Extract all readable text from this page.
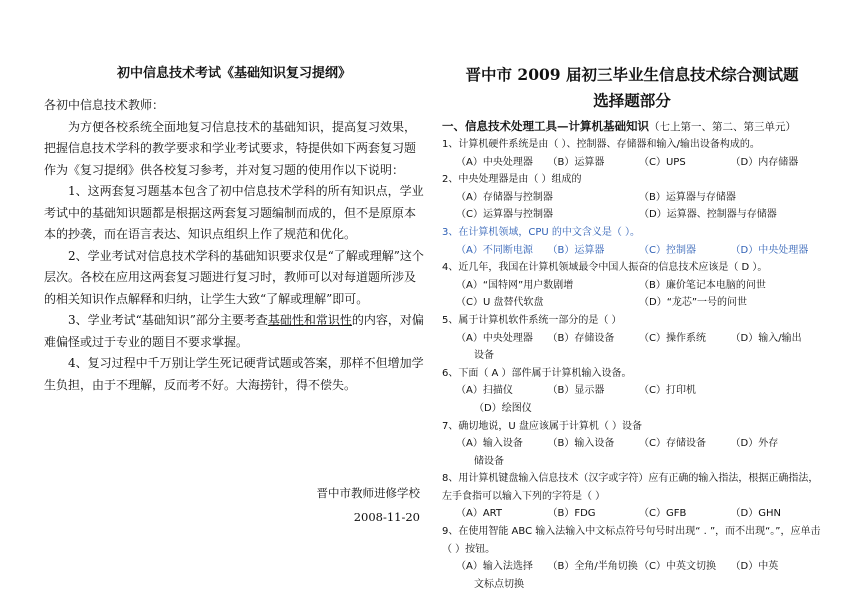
初中信息技术考试《基础知识复习提纲》

各初中信息技术教师：

为方便各校系统全面地复习信息技术的基础知识，提高复习效果，把握信息技术学科的教学要求和学业考试要求，特提供如下两套复习题作为《复习提纲》供各校复习参考，并对复习题的使用作以下说明：

1、这两套复习题基本包含了初中信息技术学科的所有知识点，学业考试中的基础知识题都是根据这两套复习题编制而成的，但不是原原本本的抄袭，而在语言表达、知识点组织上作了规范和优化。

2、学业考试对信息技术学科的基础知识要求仅是“了解或理解”这个层次。各校在应用这两套复习题进行复习时，教师可以对每道题所涉及的相关知识作点解释和归纳，让学生大致“了解或理解”即可。

3、学业考试“基础知识”部分主要考查基础性和常识性的内容，对偏难偏怪或过于专业的题目不要求掌握。

4、复习过程中千万别让学生死记硬背试题或答案，那样不但增加学生负担，由于不理解，反而考不好。大海捞针，得不偿失。

晋中市教师进修学校
2008-11-20
晋中市 2009 届初三毕业生信息技术综合测试题
选择题部分
一、信息技术处理工具—计算机基础知识（七上第一、第二、第三单元）

1、计算机硬件系统是由（ ）、控制器、存储器和输入/输出设备构成的。

（A）中央处理器	（B）运算器	（C）UPS	（D）内存储器

2、中央处理器是由（ ）组成的

（A）存储器与控制器	（B）运算器与存储器
（C）运算器与控制器	（D）运算器、控制器与存储器

3、在计算机领域，CPU 的中文含义是（ ）。

（A）不同断电源	（B）运算器	（C）控制器	（D）中央处理器

4、近几年，我国在计算机领域最令中国人振奋的信息技术应该是（ D ）。

（A）“国特网”用户数剧增	（B）廉价笔记本电脑的问世
（C）U 盘替代软盘	（D）“龙芯”一号的问世

5、属于计算机软件系统一部分的是（ ）

（A）中央处理器	（B）存储设备	（C）操作系统	（D）输入/输出
设备

6、下面（ A ）部件属于计算机输入设备。

（A）扫描仪	（B）显示器	（C）打印机
（D）绘图仪

7、确切地说，U 盘应该属于计算机（ ）设备

（A）输入设备	（B）输入设备	（C）存储设备	（D）外存
储设备

8、用计算机键盘输入信息技术（汉字或字符）应有正确的输入指法，根据正确指法，左手食指可以输入下列的字符是（ ）

（A）ART	（B）FDG	（C）GFB	（D）GHN

9、在使用智能 ABC 输入法输入中文标点符号句号时出现“ . ”，而不出现“。”，应单击（ ）按钮。

（A）输入法选择	（B）全角/半角切换 （C）中英文切换	（D）中英
文标点切换
